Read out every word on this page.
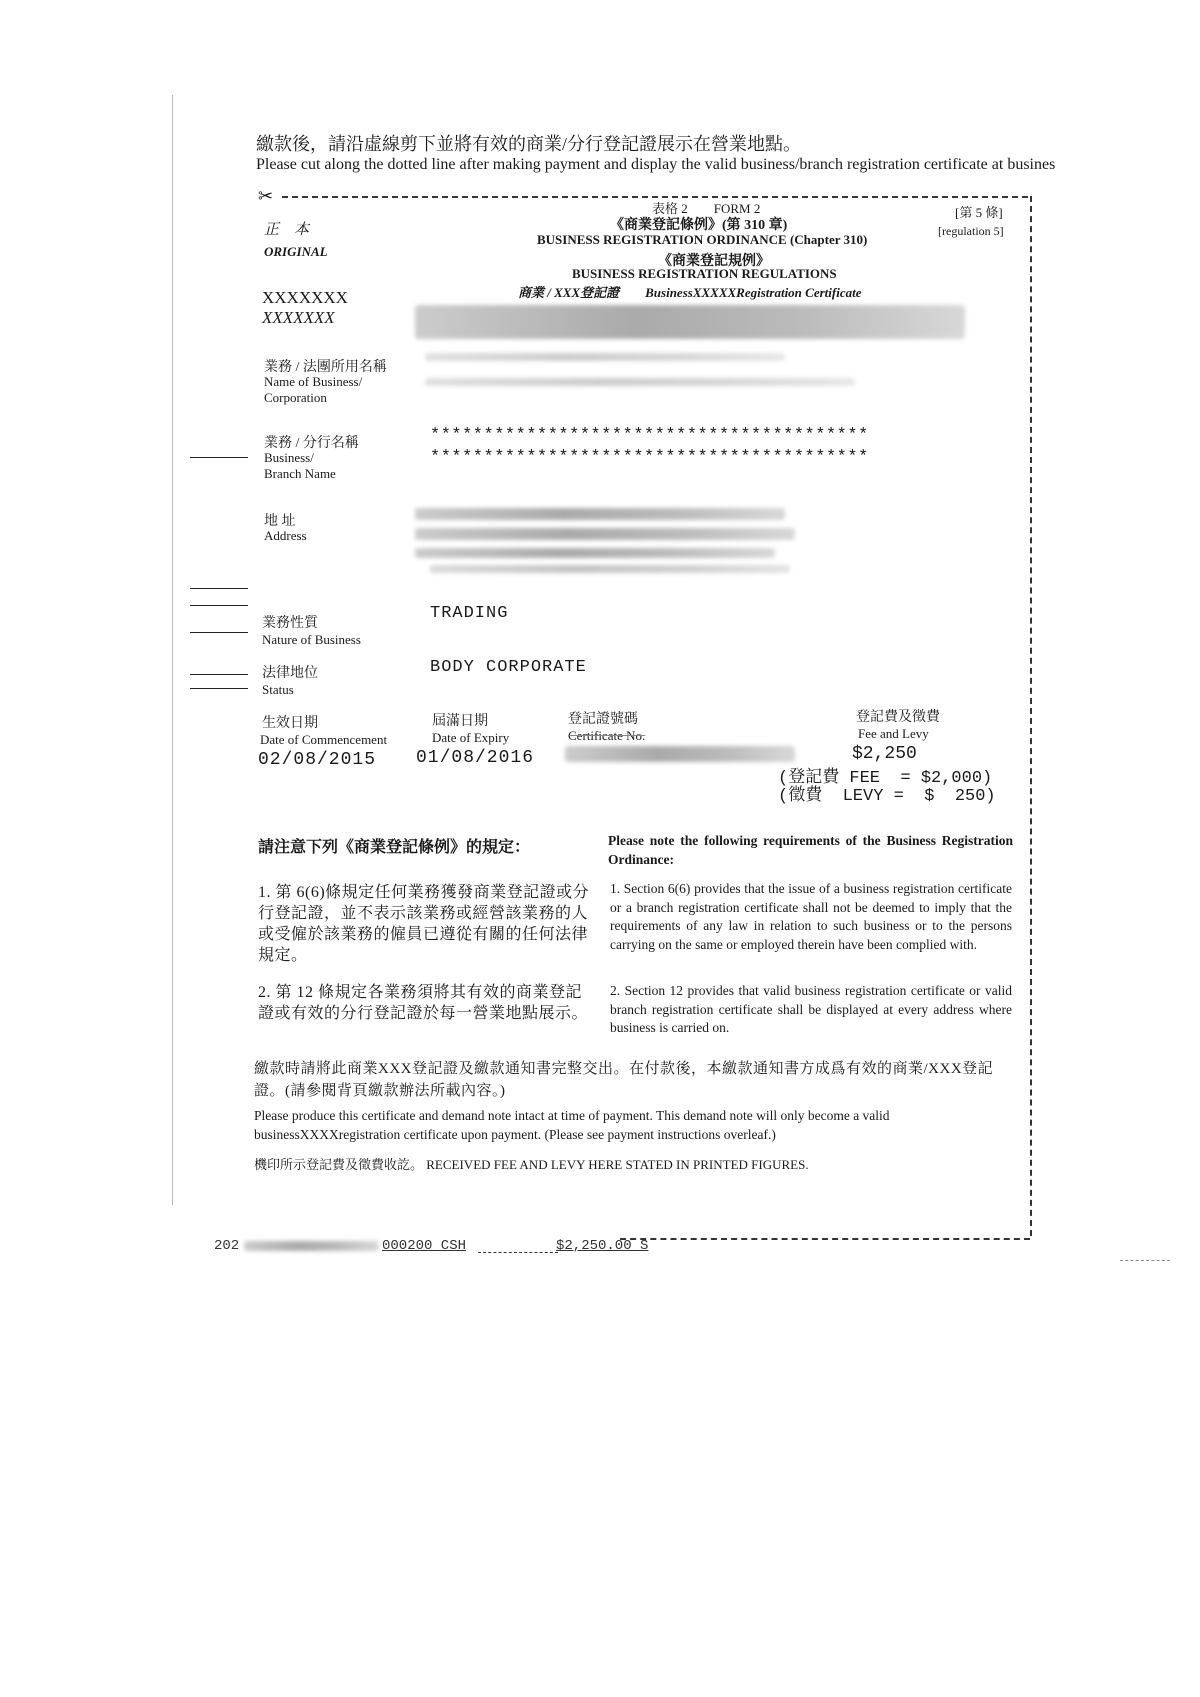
繳款後，請沿虛線剪下並將有效的商業/分行登記證展示在營業地點。
Please cut along the dotted line after making payment and display the valid business/branch registration certificate at busines
✂
正　本
ORIGINAL
表格 2　　FORM 2
《商業登記條例》(第 310 章)
BUSINESS REGISTRATION ORDINANCE (Chapter 310)
《商業登記規例》
BUSINESS REGISTRATION REGULATIONS
商業 / XXX登記證　　BusinessXXXXXRegistration Certificate
[第 5 條]
[regulation 5]
XXXXXXX
XXXXXXX
業務 / 法團所用名稱
Name of Business/
Corporation
業務 / 分行名稱
Business/
Branch Name
*****************************************
*****************************************
地 址
Address
業務性質
Nature of Business
TRADING
法律地位
Status
BODY CORPORATE
生效日期
Date of Commencement
02/08/2015
屆滿日期
Date of Expiry
01/08/2016
登記證號碼
Certificate No.
登記費及徵費
Fee and Levy
$2,250
(登記費 FEE  = $2,000)
(徵費  LEVY =  $  250)
請注意下列《商業登記條例》的規定：	Please note the following requirements of the Business Registration Ordinance:
1. 第 6(6)條規定任何業務獲發商業登記證或分行登記證，並不表示該業務或經營該業務的人或受僱於該業務的僱員已遵從有關的任何法律規定。
2. 第 12 條規定各業務須將其有效的商業登記證或有效的分行登記證於每一營業地點展示。
1. Section 6(6) provides that the issue of a business registration certificate or a branch registration certificate shall not be deemed to imply that the requirements of any law in relation to such business or to the persons carrying on the same or employed therein have been complied with.
2. Section 12 provides that valid business registration certificate or valid branch registration certificate shall be displayed at every address where business is carried on.
繳款時請將此商業XXX登記證及繳款通知書完整交出。在付款後，本繳款通知書方成爲有效的商業/XXX登記證。(請參閱背頁繳款辦法所載內容。)
Please produce this certificate and demand note intact at time of payment. This demand note will only become a valid businessXXXXregistration certificate upon payment. (Please see payment instructions overleaf.)
機印所示登記費及徵費收訖。 RECEIVED FEE AND LEVY HERE STATED IN PRINTED FIGURES.
202	000200 CSH	$2,250.00 S
